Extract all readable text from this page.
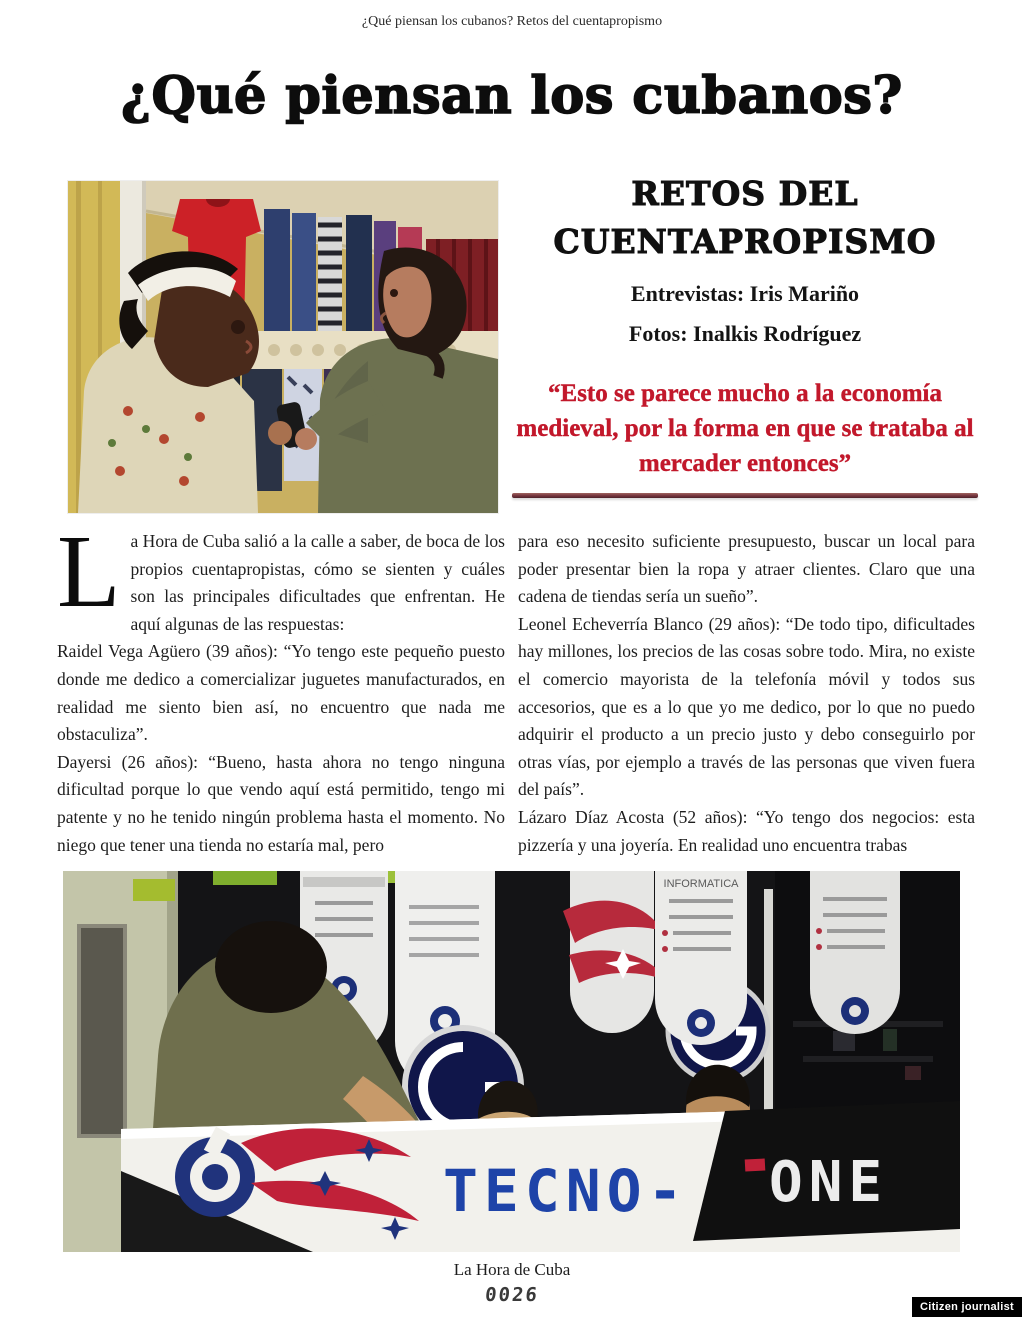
¿Qué piensan los cubanos? Retos del cuentapropismo
¿Qué piensan los cubanos?
RETOS DEL
CUENTAPROPISMO
Entrevistas: Iris Mariño
Fotos: Inalkis Rodríguez
“Esto se parece mucho a la economía medieval, por la forma en que se trataba al mercader entonces”

La Hora de Cuba salió a la calle a saber, de boca de los propios cuentapropistas, cómo se sienten y cuáles son las principales dificultades que enfrentan. He aquí algunas de las respuestas:

Raidel Vega Agüero (39 años): “Yo tengo este pequeño puesto donde me dedico a comercializar juguetes manufacturados, en realidad me siento bien así, no encuentro que nada me obstaculiza”.

Dayersi (26 años): “Bueno, hasta ahora no tengo ninguna dificultad porque lo que vendo aquí está permitido, tengo mi patente y no he tenido ningún problema hasta el momento. No niego que tener una tienda no estaría mal, pero

para eso necesito suficiente presupuesto, buscar un local para poder presentar bien la ropa y atraer clientes. Claro que una cadena de tiendas sería un sueño”.

Leonel Echeverría Blanco (29 años): “De todo tipo, dificultades hay millones, los precios de las cosas sobre todo. Mira, no existe el comercio mayorista de la telefonía móvil y todos sus accesorios, que es a lo que yo me dedico, por lo que no puedo adquirir el producto a un precio justo y debo conseguirlo por otras vías, por ejemplo a través de las personas que viven fuera del país”.

Lázaro Díaz Acosta (52 años): “Yo tengo dos negocios: esta pizzería y una joyería. En realidad uno encuentra trabas

INFORMATICA
TECNO- ONE
La Hora de Cuba
0026
Citizen journalist
